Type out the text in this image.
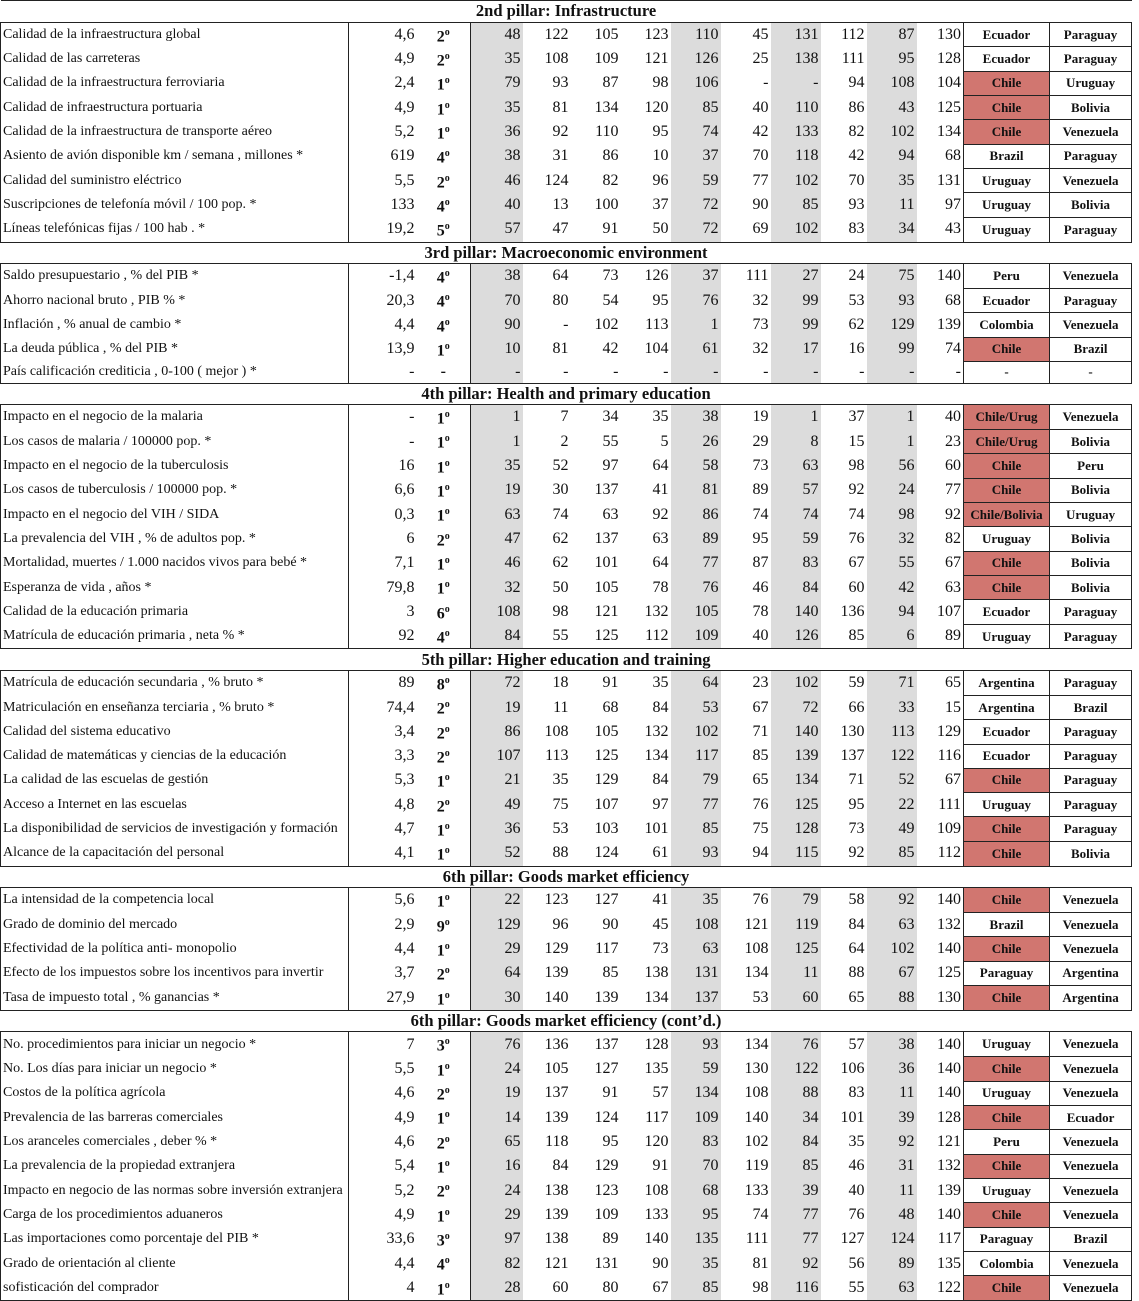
2nd pillar: Infrastructure														
Calidad de la infraestructura global	4,6	2$^o$	48	122	105	123	110	45	131	112	87	130	Ecuador	Paraguay
Calidad de las carreteras	4,9	2$^o$	35	108	109	121	126	25	138	111	95	128	Ecuador	Paraguay
Calidad de la infraestructura ferroviaria	2,4	1$^o$	79	93	87	98	106	-	-	94	108	104	Chile	Uruguay
Calidad de infraestructura portuaria	4,9	1$^o$	35	81	134	120	85	40	110	86	43	125	Chile	Bolivia
Calidad de la infraestructura de transporte aéreo	5,2	1$^o$	36	92	110	95	74	42	133	82	102	134	Chile	Venezuela
Asiento de avión disponible km / semana , millones *	619	4$^o$	38	31	86	10	37	70	118	42	94	68	Brazil	Paraguay
Calidad del suministro eléctrico	5,5	2$^o$	46	124	82	96	59	77	102	70	35	131	Uruguay	Venezuela
Suscripciones de telefonía móvil / 100 pop. *	133	4$^o$	40	13	100	37	72	90	85	93	11	97	Uruguay	Bolivia
Líneas telefónicas fijas / 100 hab . *	19,2	5$^o$	57	47	91	50	72	69	102	83	34	43	Uruguay	Paraguay
3rd pillar: Macroeconomic environment														
Saldo presupuestario , % del PIB *	-1,4	4$^o$	38	64	73	126	37	111	27	24	75	140	Peru	Venezuela
Ahorro nacional bruto , PIB % *	20,3	4$^o$	70	80	54	95	76	32	99	53	93	68	Ecuador	Paraguay
Inflación , % anual de cambio *	4,4	4$^o$	90	-	102	113	1	73	99	62	129	139	Colombia	Venezuela
La deuda pública , % del PIB *	13,9	1$^o$	10	81	42	104	61	32	17	16	99	74	Chile	Brazil
País calificación crediticia , 0-100 ( mejor ) *	-	-	-	-	-	-	-	-	-	-	-	-	-	-
4th pillar: Health and primary education														
Impacto en el negocio de la malaria	-	1$^o$	1	7	34	35	38	19	1	37	1	40	Chile/Urug	Venezuela
Los casos de malaria / 100000 pop. *	-	1$^o$	1	2	55	5	26	29	8	15	1	23	Chile/Urug	Bolivia
Impacto en el negocio de la tuberculosis	16	1$^o$	35	52	97	64	58	73	63	98	56	60	Chile	Peru
Los casos de tuberculosis / 100000 pop. *	6,6	1$^o$	19	30	137	41	81	89	57	92	24	77	Chile	Bolivia
Impacto en el negocio del VIH / SIDA	0,3	1$^o$	63	74	63	92	86	74	74	74	98	92	Chile/Bolivia	Uruguay
La prevalencia del VIH , % de adultos pop. *	6	2$^o$	47	62	137	63	89	95	59	76	32	82	Uruguay	Bolivia
Mortalidad, muertes / 1.000 nacidos vivos para bebé *	7,1	1$^o$	46	62	101	64	77	87	83	67	55	67	Chile	Bolivia
Esperanza de vida , años *	79,8	1$^o$	32	50	105	78	76	46	84	60	42	63	Chile	Bolivia
Calidad de la educación primaria	3	6$^o$	108	98	121	132	105	78	140	136	94	107	Ecuador	Paraguay
Matrícula de educación primaria , neta % *	92	4$^o$	84	55	125	112	109	40	126	85	6	89	Uruguay	Paraguay
5th pillar: Higher education and training														
Matrícula de educación secundaria , % bruto *	89	8$^o$	72	18	91	35	64	23	102	59	71	65	Argentina	Paraguay
Matriculación en enseñanza terciaria , % bruto *	74,4	2$^o$	19	11	68	84	53	67	72	66	33	15	Argentina	Brazil
Calidad del sistema educativo	3,4	2$^o$	86	108	105	132	102	71	140	130	113	129	Ecuador	Paraguay
Calidad de matemáticas y ciencias de la educación	3,3	2$^o$	107	113	125	134	117	85	139	137	122	116	Ecuador	Paraguay
La calidad de las escuelas de gestión	5,3	1$^o$	21	35	129	84	79	65	134	71	52	67	Chile	Paraguay
Acceso a Internet en las escuelas	4,8	2$^o$	49	75	107	97	77	76	125	95	22	111	Uruguay	Paraguay
La disponibilidad de servicios de investigación y formación	4,7	1$^o$	36	53	103	101	85	75	128	73	49	109	Chile	Paraguay
Alcance de la capacitación del personal	4,1	1$^o$	52	88	124	61	93	94	115	92	85	112	Chile	Bolivia
6th pillar: Goods market efficiency														
La intensidad de la competencia local	5,6	1$^o$	22	123	127	41	35	76	79	58	92	140	Chile	Venezuela
Grado de dominio del mercado	2,9	9$^o$	129	96	90	45	108	121	119	84	63	132	Brazil	Venezuela
Efectividad de la política anti- monopolio	4,4	1$^o$	29	129	117	73	63	108	125	64	102	140	Chile	Venezuela
Efecto de los impuestos sobre los incentivos para invertir	3,7	2$^o$	64	139	85	138	131	134	11	88	67	125	Paraguay	Argentina
Tasa de impuesto total , % ganancias *	27,9	1$^o$	30	140	139	134	137	53	60	65	88	130	Chile	Argentina
6th pillar: Goods market efficiency (cont’d.)														
No. procedimientos para iniciar un negocio *	7	3$^o$	76	136	137	128	93	134	76	57	38	140	Uruguay	Venezuela
No. Los días para iniciar un negocio *	5,5	1$^o$	24	105	127	135	59	130	122	106	36	140	Chile	Venezuela
Costos de la política agrícola	4,6	2$^o$	19	137	91	57	134	108	88	83	11	140	Uruguay	Venezuela
Prevalencia de las barreras comerciales	4,9	1$^o$	14	139	124	117	109	140	34	101	39	128	Chile	Ecuador
Los aranceles comerciales , deber % *	4,6	2$^o$	65	118	95	120	83	102	84	35	92	121	Peru	Venezuela
La prevalencia de la propiedad extranjera	5,4	1$^o$	16	84	129	91	70	119	85	46	31	132	Chile	Venezuela
Impacto en negocio de las normas sobre inversión extranjera	5,2	2$^o$	24	138	123	108	68	133	39	40	11	139	Uruguay	Venezuela
Carga de los procedimientos aduaneros	4,9	1$^o$	29	139	109	133	95	74	77	76	48	140	Chile	Venezuela
Las importaciones como porcentaje del PIB *	33,6	3$^o$	97	138	89	140	135	111	77	127	124	117	Paraguay	Brazil
Grado de orientación al cliente	4,4	4$^o$	82	121	131	90	35	81	92	56	89	135	Colombia	Venezuela
sofisticación del comprador	4	1$^o$	28	60	80	67	85	98	116	55	63	122	Chile	Venezuela
